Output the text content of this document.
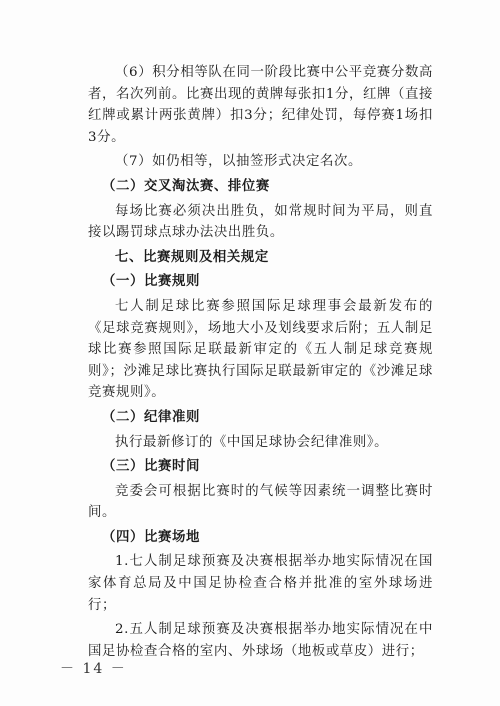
（6）积分相等队在同一阶段比赛中公平竞赛分数高者，名次列前。比赛出现的黄牌每张扣1分，红牌（直接红牌或累计两张黄牌）扣3分；纪律处罚，每停赛1场扣3分。

（7）如仍相等，以抽签形式决定名次。

（二）交叉淘汰赛、排位赛

每场比赛必须决出胜负，如常规时间为平局，则直接以踢罚球点球办法决出胜负。

七、比赛规则及相关规定

（一）比赛规则

七人制足球比赛参照国际足球理事会最新发布的《足球竞赛规则》，场地大小及划线要求后附；五人制足球比赛参照国际足联最新审定的《五人制足球竞赛规则》；沙滩足球比赛执行国际足联最新审定的《沙滩足球竞赛规则》。

（二）纪律准则

执行最新修订的《中国足球协会纪律准则》。

（三）比赛时间

竞委会可根据比赛时的气候等因素统一调整比赛时间。

（四）比赛场地

1.七人制足球预赛及决赛根据举办地实际情况在国家体育总局及中国足协检查合格并批准的室外球场进行；

2.五人制足球预赛及决赛根据举办地实际情况在中国足协检查合格的室内、外球场（地板或草皮）进行；

－ 14 －
